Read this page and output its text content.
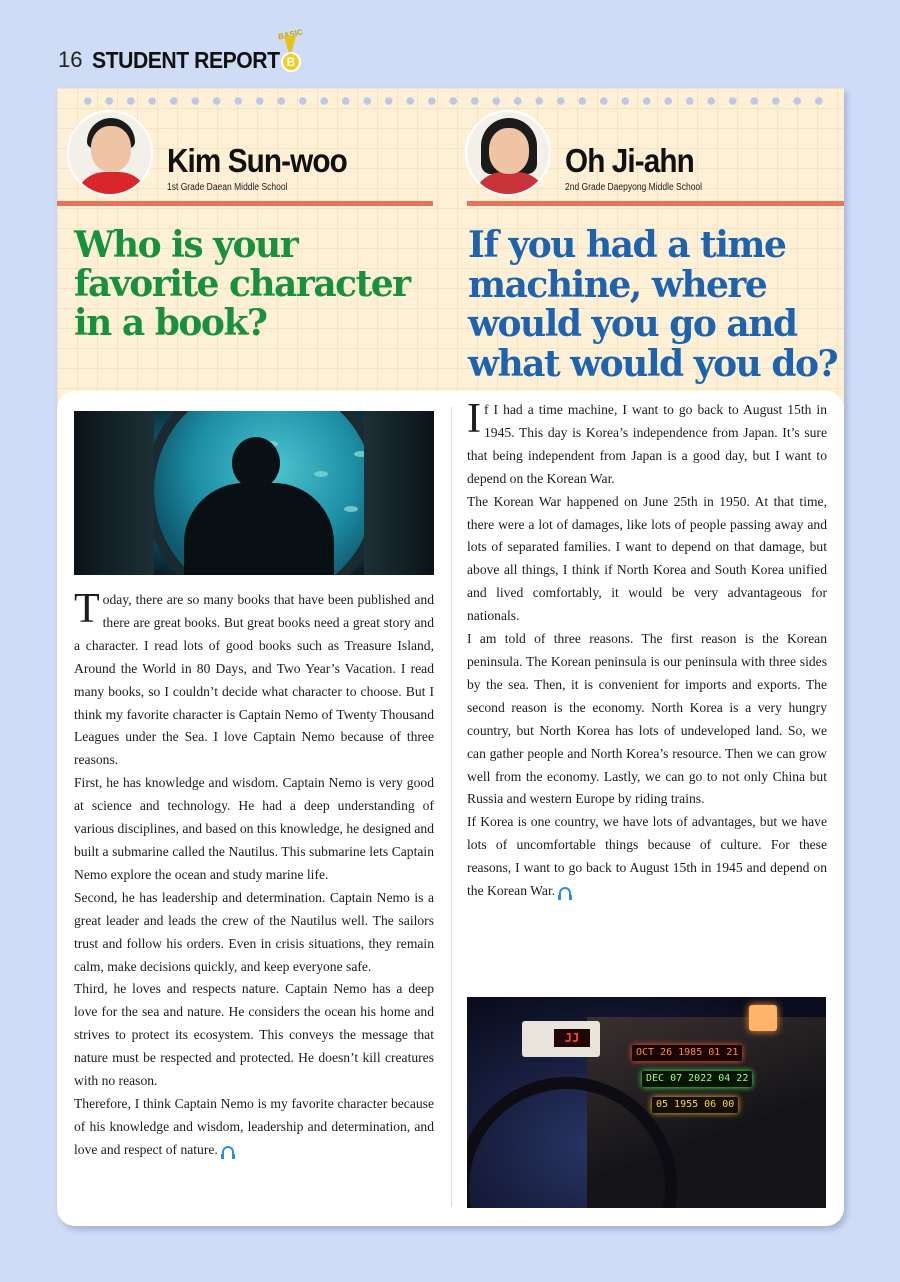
16 STUDENT REPORT
BASIC
B
Kim Sun-woo
1st Grade Daean Middle School
Oh Ji-ahn
2nd Grade Daepyong Middle School
Who is your favorite character in a book?
If you had a time machine, where would you go and what would you do?

Today, there are so many books that have been published and there are great books. But great books need a great story and a character. I read lots of good books such as Treasure Island, Around the World in 80 Days, and Two Year’s Vacation. I read many books, so I couldn’t decide what character to choose. But I think my favorite character is Captain Nemo of Twenty Thousand Leagues under the Sea. I love Captain Nemo because of three reasons.

First, he has knowledge and wisdom. Captain Nemo is very good at science and technology. He had a deep understanding of various disciplines, and based on this knowledge, he designed and built a submarine called the Nautilus. This submarine lets Captain Nemo explore the ocean and study marine life.

Second, he has leadership and determination. Captain Nemo is a great leader and leads the crew of the Nautilus well. The sailors trust and follow his orders. Even in crisis situations, they remain calm, make decisions quickly, and keep everyone safe.

Third, he loves and respects nature. Captain Nemo has a deep love for the sea and nature. He considers the ocean his home and strives to protect its ecosystem. This conveys the message that nature must be respected and protected. He doesn’t kill creatures with no reason.

Therefore, I think Captain Nemo is my favorite character because of his knowledge and wisdom, leadership and determination, and love and respect of nature.

If I had a time machine, I want to go back to August 15th in 1945. This day is Korea’s independence from Japan. It’s sure that being independent from Japan is a good day, but I want to depend on the Korean War.

The Korean War happened on June 25th in 1950. At that time, there were a lot of damages, like lots of people passing away and lots of separated families. I want to depend on that damage, but above all things, I think if North Korea and South Korea unified and lived comfortably, it would be very advantageous for nationals.

I am told of three reasons. The first reason is the Korean peninsula. The Korean peninsula is our peninsula with three sides by the sea. Then, it is convenient for imports and exports. The second reason is the economy. North Korea is a very hungry country, but North Korea has lots of undeveloped land. So, we can gather people and North Korea’s resource. Then we can grow well from the economy. Lastly, we can go to not only China but Russia and western Europe by riding trains.

If Korea is one country, we have lots of advantages, but we have lots of uncomfortable things because of culture. For these reasons, I want to go back to August 15th in 1945 and depend on the Korean War.

JJ
OCT 26 1985 01 21
DEC 07 2022 04 22
05 1955 06 00
